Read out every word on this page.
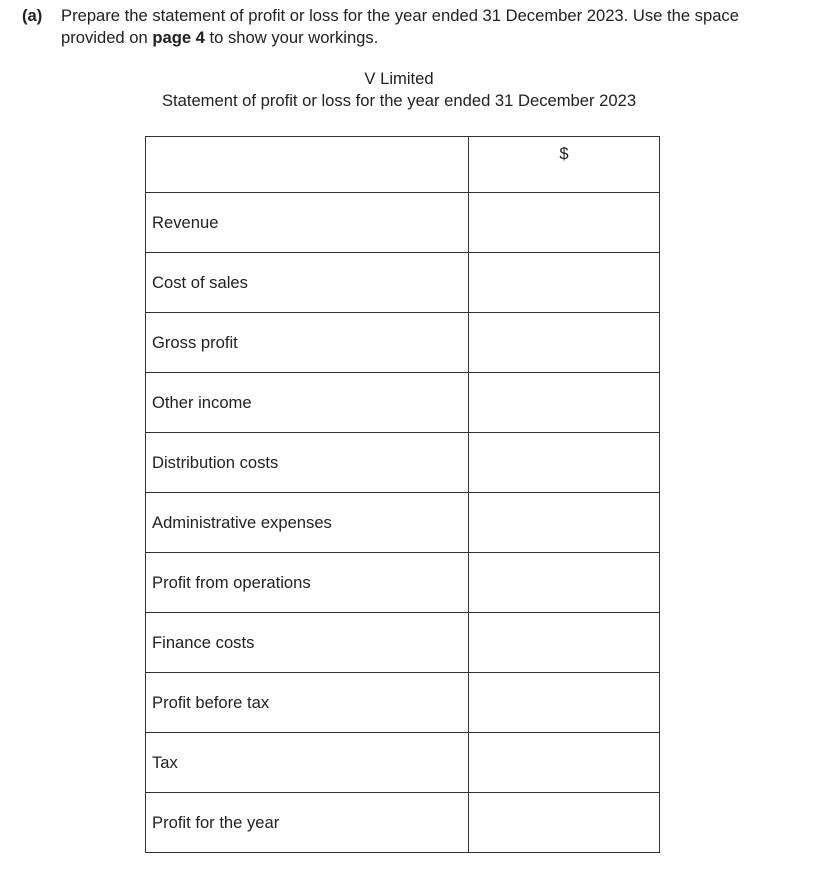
(a) Prepare the statement of profit or loss for the year ended 31 December 2023. Use the space
provided on page 4 to show your workings.
V Limited
Statement of profit or loss for the year ended 31 December 2023
	$
Revenue	
Cost of sales	
Gross profit	
Other income	
Distribution costs	
Administrative expenses	
Profit from operations	
Finance costs	
Profit before tax	
Tax	
Profit for the year	
